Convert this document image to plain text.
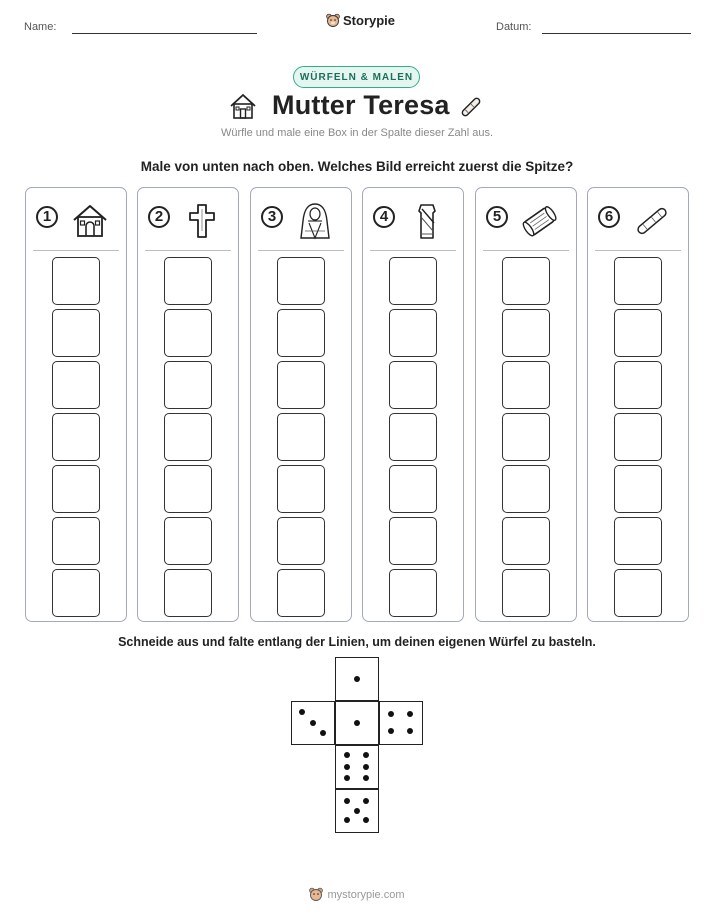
Name:	Storypie	Datum:
WÜRFELN & MALEN
Mutter Teresa
Würfle und male eine Box in der Spalte dieser Zahl aus.
Male von unten nach oben. Welches Bild erreicht zuerst die Spitze?
1	2	3	4	5	6
Schneide aus und falte entlang der Linien, um deinen eigenen Würfel zu basteln.
mystorypie.com
